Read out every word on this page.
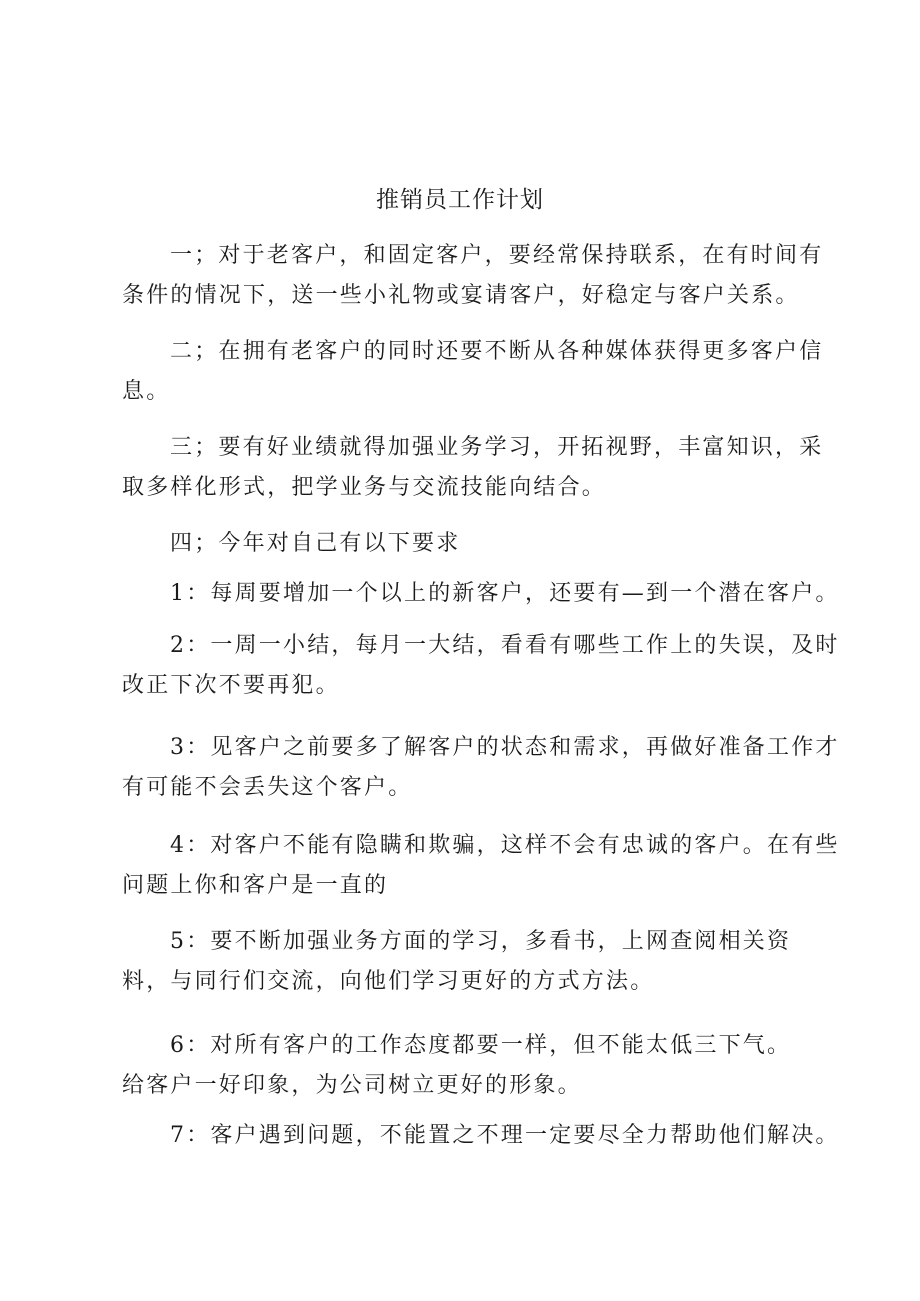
推销员工作计划
一；对于老客户，和固定客户，要经常保持联系，在有时间有
条件的情况下，送一些小礼物或宴请客户，好稳定与客户关系。
二；在拥有老客户的同时还要不断从各种媒体获得更多客户信
息。
三；要有好业绩就得加强业务学习，开拓视野，丰富知识，采
取多样化形式，把学业务与交流技能向结合。
四；今年对自己有以下要求
1：每周要增加一个以上的新客户，还要有—到一个潜在客户。
2：一周一小结，每月一大结，看看有哪些工作上的失误，及时
改正下次不要再犯。
3：见客户之前要多了解客户的状态和需求，再做好准备工作才
有可能不会丢失这个客户。
4：对客户不能有隐瞒和欺骗，这样不会有忠诚的客户。在有些
问题上你和客户是一直的
5：要不断加强业务方面的学习，多看书，上网查阅相关资
料，与同行们交流，向他们学习更好的方式方法。
6：对所有客户的工作态度都要一样，但不能太低三下气。
给客户一好印象，为公司树立更好的形象。
7：客户遇到问题，不能置之不理一定要尽全力帮助他们解决。
